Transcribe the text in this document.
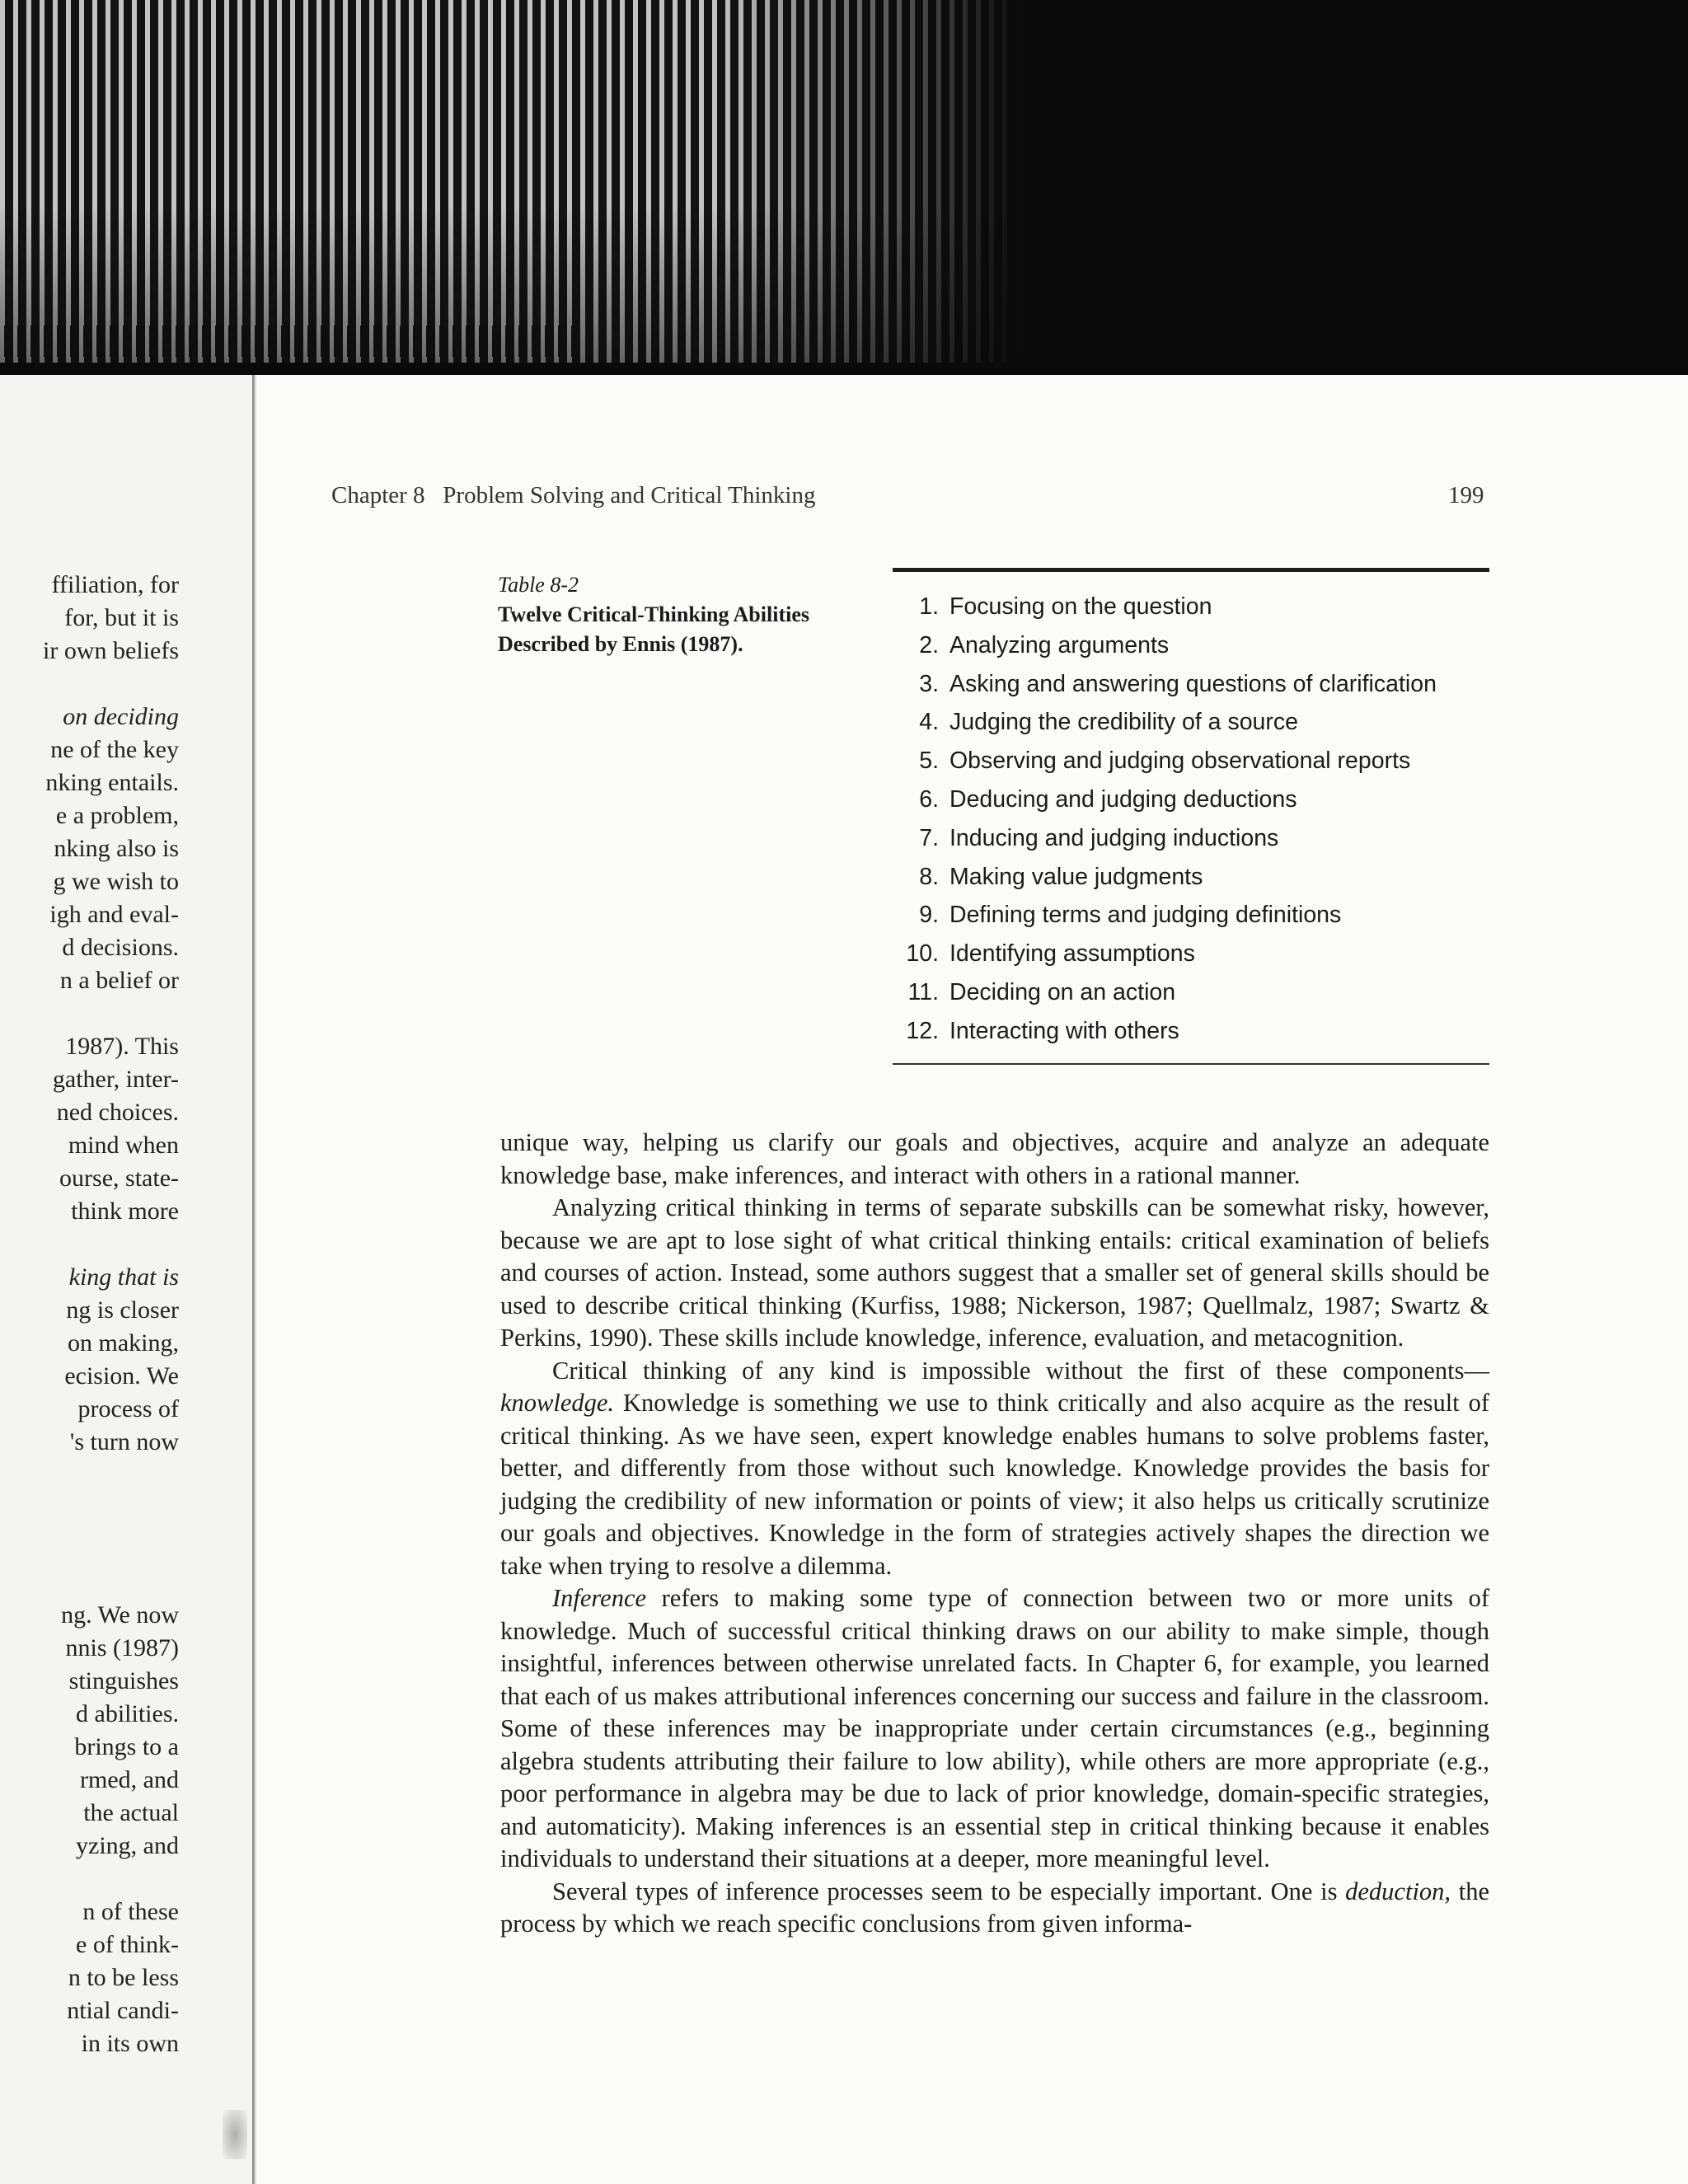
ffiliation, for
for, but it is
ir own beliefs
on deciding
ne of the key
nking entails.
e a problem,
nking also is
g we wish to
igh and eval-
d decisions.
n a belief or
1987). This
gather, inter-
ned choices.
mind when
ourse, state-
think more
king that is
ng is closer
on making,
ecision. We
process of
's turn now
ng. We now
nnis (1987)
stinguishes
d abilities.
brings to a
rmed, and
the actual
yzing, and
n of these
e of think-
n to be less
ntial candi-
in its own
Chapter 8   Problem Solving and Critical Thinking	199
Table 8-2
Twelve Critical-Thinking Abilities Described by Ennis (1987).
1. Focusing on the question
2. Analyzing arguments
3. Asking and answering questions of clarification
4. Judging the credibility of a source
5. Observing and judging observational reports
6. Deducing and judging deductions
7. Inducing and judging inductions
8. Making value judgments
9. Defining terms and judging definitions
10. Identifying assumptions
11. Deciding on an action
12. Interacting with others

unique way, helping us clarify our goals and objectives, acquire and analyze an adequate knowledge base, make inferences, and interact with others in a rational manner.

Analyzing critical thinking in terms of separate subskills can be somewhat risky, however, because we are apt to lose sight of what critical thinking entails: critical examination of beliefs and courses of action. Instead, some authors suggest that a smaller set of general skills should be used to describe critical thinking (Kurfiss, 1988; Nickerson, 1987; Quellmalz, 1987; Swartz & Perkins, 1990). These skills include knowledge, inference, evaluation, and metacognition.

Critical thinking of any kind is impossible without the first of these components—knowledge. Knowledge is something we use to think critically and also acquire as the result of critical thinking. As we have seen, expert knowledge enables humans to solve problems faster, better, and differently from those without such knowledge. Knowledge provides the basis for judging the credibility of new information or points of view; it also helps us critically scrutinize our goals and objectives. Knowledge in the form of strategies actively shapes the direction we take when trying to resolve a dilemma.

Inference refers to making some type of connection between two or more units of knowledge. Much of successful critical thinking draws on our ability to make simple, though insightful, inferences between otherwise unrelated facts. In Chapter 6, for example, you learned that each of us makes attributional inferences concerning our success and failure in the classroom. Some of these inferences may be inappropriate under certain circumstances (e.g., beginning algebra students attributing their failure to low ability), while others are more appropriate (e.g., poor performance in algebra may be due to lack of prior knowledge, domain-specific strategies, and automaticity). Making inferences is an essential step in critical thinking because it enables individuals to understand their situations at a deeper, more meaningful level.

Several types of inference processes seem to be especially important. One is deduction, the process by which we reach specific conclusions from given informa-
